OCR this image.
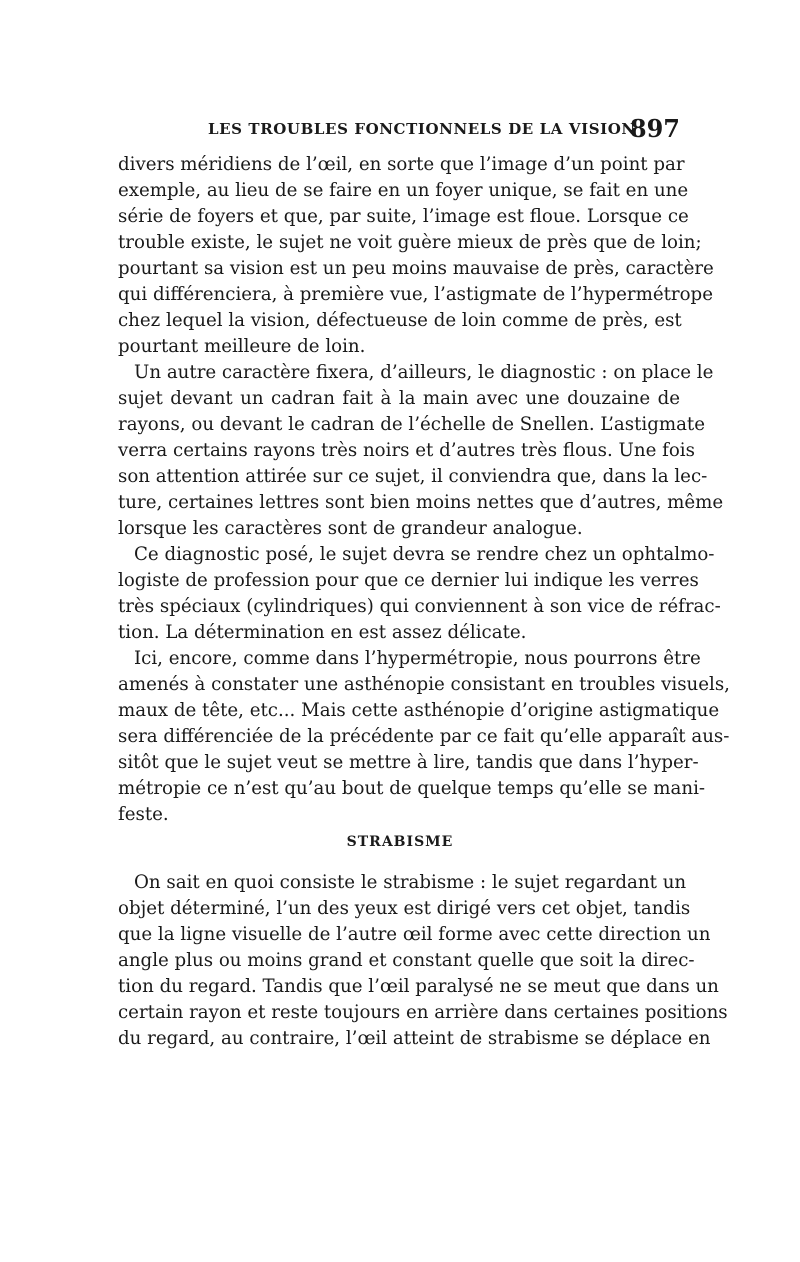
LES TROUBLES FONCTIONNELS DE LA VISION
897
divers méridiens de l’œil, en sorte que l’image d’un point par
exemple, au lieu de se faire en un foyer unique, se fait en une
série de foyers et que, par suite, l’image est floue. Lorsque ce
trouble existe, le sujet ne voit guère mieux de près que de loin;
pourtant sa vision est un peu moins mauvaise de près, caractère
qui différenciera, à première vue, l’astigmate de l’hypermétrope
chez lequel la vision, défectueuse de loin comme de près, est
pourtant meilleure de loin.
Un autre caractère fixera, d’ailleurs, le diagnostic : on place le
sujet devant un cadran fait à la main avec une douzaine de
rayons, ou devant le cadran de l’échelle de Snellen. L’astigmate
verra certains rayons très noirs et d’autres très flous. Une fois
son attention attirée sur ce sujet, il conviendra que, dans la lec-
ture, certaines lettres sont bien moins nettes que d’autres, même
lorsque les caractères sont de grandeur analogue.
Ce diagnostic posé, le sujet devra se rendre chez un ophtalmo-
logiste de profession pour que ce dernier lui indique les verres
très spéciaux (cylindriques) qui conviennent à son vice de réfrac-
tion. La détermination en est assez délicate.
Ici, encore, comme dans l’hypermétropie, nous pourrons être
amenés à constater une asthénopie consistant en troubles visuels,
maux de tête, etc... Mais cette asthénopie d’origine astigmatique
sera différenciée de la précédente par ce fait qu’elle apparaît aus-
sitôt que le sujet veut se mettre à lire, tandis que dans l’hyper-
métropie ce n’est qu’au bout de quelque temps qu’elle se mani-
feste.
STRABISME
On sait en quoi consiste le strabisme : le sujet regardant un
objet déterminé, l’un des yeux est dirigé vers cet objet, tandis
que la ligne visuelle de l’autre œil forme avec cette direction un
angle plus ou moins grand et constant quelle que soit la direc-
tion du regard. Tandis que l’œil paralysé ne se meut que dans un
certain rayon et reste toujours en arrière dans certaines positions
du regard, au contraire, l’œil atteint de strabisme se déplace en
